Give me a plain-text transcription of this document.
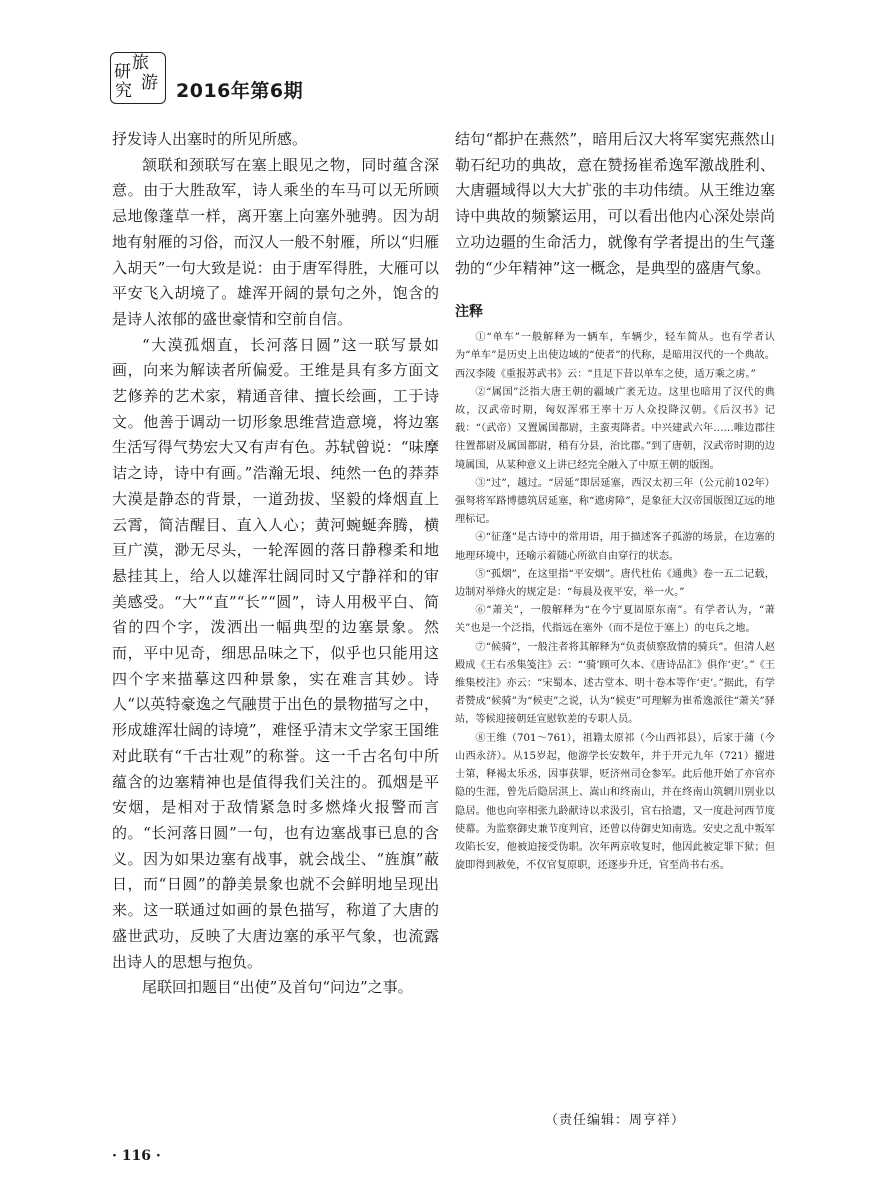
研 旅
究 游 2016年第6期

抒发诗人出塞时的所见所感。

颔联和颈联写在塞上眼见之物，同时蕴含深意。由于大胜敌军，诗人乘坐的车马可以无所顾忌地像蓬草一样，离开塞上向塞外驰骋。因为胡地有射雁的习俗，而汉人一般不射雁，所以“归雁入胡天”一句大致是说：由于唐军得胜，大雁可以平安飞入胡境了。雄浑开阔的景句之外，饱含的是诗人浓郁的盛世豪情和空前自信。

“大漠孤烟直，长河落日圆”这一联写景如画，向来为解读者所偏爱。王维是具有多方面文艺修养的艺术家，精通音律、擅长绘画，工于诗文。他善于调动一切形象思维营造意境，将边塞生活写得气势宏大又有声有色。苏轼曾说：“味摩诘之诗，诗中有画。”浩瀚无垠、纯然一色的莽莽大漠是静态的背景，一道劲拔、坚毅的烽烟直上云霄，简洁醒目、直入人心；黄河蜿蜒奔腾，横亘广漠，渺无尽头，一轮浑圆的落日静穆柔和地悬挂其上，给人以雄浑壮阔同时又宁静祥和的审美感受。“大”“直”“长”“圆”，诗人用极平白、简省的四个字，泼洒出一幅典型的边塞景象。然而，平中见奇，细思品味之下，似乎也只能用这四个字来描摹这四种景象，实在难言其妙。诗人“以英特豪逸之气融贯于出色的景物描写之中，形成雄浑壮阔的诗境”，难怪乎清末文学家王国维对此联有“千古壮观”的称誉。这一千古名句中所蕴含的边塞精神也是值得我们关注的。孤烟是平安烟，是相对于敌情紧急时多燃烽火报警而言的。“长河落日圆”一句，也有边塞战事已息的含义。因为如果边塞有战事，就会战尘、“旌旗”蔽日，而“日圆”的静美景象也就不会鲜明地呈现出来。这一联通过如画的景色描写，称道了大唐的盛世武功，反映了大唐边塞的承平气象，也流露出诗人的思想与抱负。

尾联回扣题目“出使”及首句“问边”之事。

结句“都护在燕然”，暗用后汉大将军窦宪燕然山勒石纪功的典故，意在赞扬崔希逸军激战胜利、大唐疆域得以大大扩张的丰功伟绩。从王维边塞诗中典故的频繁运用，可以看出他内心深处崇尚立功边疆的生命活力，就像有学者提出的生气蓬勃的“少年精神”这一概念，是典型的盛唐气象。

注释

①“单车”一般解释为一辆车，车辆少，轻车简从。也有学者认为“单车”是历史上出使边域的“使者”的代称，是暗用汉代的一个典故。西汉李陵《重报苏武书》云：“且足下昔以单车之使，适万乘之虏。”

②“属国”泛指大唐王朝的疆域广袤无边。这里也暗用了汉代的典故，汉武帝时期，匈奴浑邪王率十万人众投降汉朝。《后汉书》记载：“（武帝）又置属国都尉，主蛮夷降者。中兴建武六年……唯边郡往往置都尉及属国都尉，稍有分县，治比郡。”到了唐朝，汉武帝时期的边境属国，从某种意义上讲已经完全融入了中原王朝的版图。

③“过”，越过。“居延”即居延塞，西汉太初三年（公元前102年）强弩将军路博德筑居延塞，称“遮虏障”，是象征大汉帝国版图辽远的地理标记。

④“征蓬”是古诗中的常用语，用于描述客子孤游的场景，在边塞的地理环境中，还喻示着随心所欲自由穿行的状态。

⑤“孤烟”，在这里指“平安烟”。唐代杜佑《通典》卷一五二记载，边制对举烽火的规定是：“每晨及夜平安，举一火。”

⑥“萧关”，一般解释为“在今宁夏固原东南”。有学者认为，“萧关”也是一个泛指，代指远在塞外（而不是位于塞上）的屯兵之地。

⑦“候骑”，一般注者将其解释为“负责侦察敌情的骑兵”。但清人赵殿成《王右丞集笺注》云：“‘骑’顾可久本、《唐诗品汇》俱作‘吏’。”《王维集校注》亦云：“宋蜀本、述古堂本、明十卷本等作‘吏’。”据此，有学者赞成“候骑”为“候吏”之说，认为“候吏”可理解为崔希逸派往“萧关”驿站，等候迎接朝廷宣慰钦差的专职人员。

⑧王维（701～761），祖籍太原祁（今山西祁县），后家于蒲（今山西永济）。从15岁起，他游学长安数年，并于开元九年（721）擢进士第，释褐太乐丞，因事获罪，贬济州司仓参军。此后他开始了亦官亦隐的生涯，曾先后隐居淇上、嵩山和终南山，并在终南山筑辋川别业以隐居。他也向宰相张九龄献诗以求汲引，官右拾遗，又一度赴河西节度使幕。为监察御史兼节度判官，还曾以侍御史知南选。安史之乱中叛军攻陷长安，他被迫接受伪职。次年两京收复时，他因此被定罪下狱；但旋即得到赦免，不仅官复原职，还逐步升迁，官至尚书右丞。

（责任编辑：周亨祥）
· 116 ·
